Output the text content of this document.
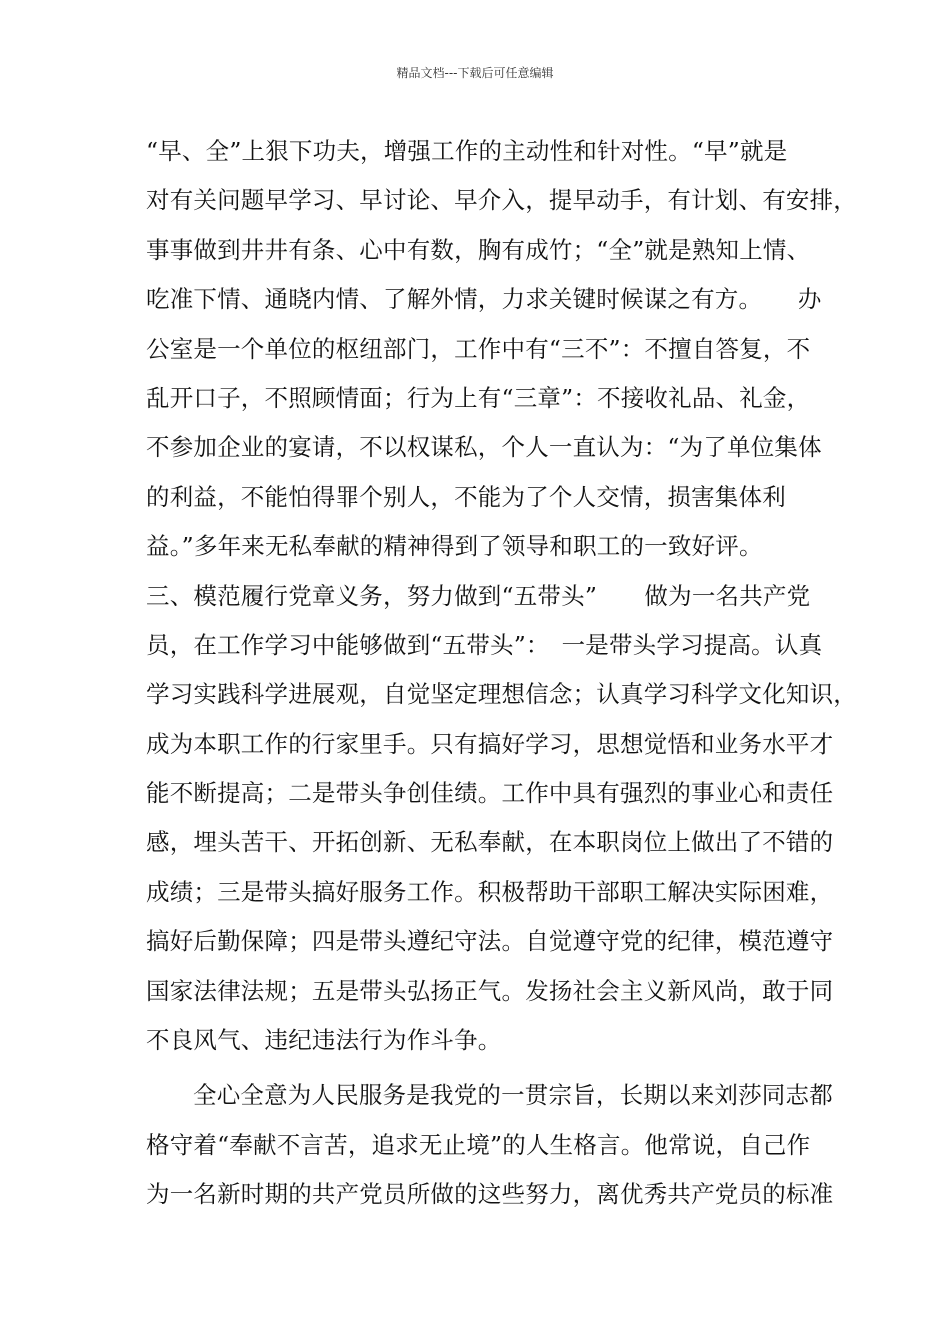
精品文档---下载后可任意编辑
“早、全”上狠下功夫，增强工作的主动性和针对性。“早”就是
对有关问题早学习、早讨论、早介入，提早动手，有计划、有安排，
事事做到井井有条、心中有数，胸有成竹；“全”就是熟知上情、
吃准下情、通晓内情、了解外情，力求关键时候谋之有方。　　办
公室是一个单位的枢纽部门，工作中有“三不”：不擅自答复，不
乱开口子，不照顾情面；行为上有“三章”：不接收礼品、礼金，
不参加企业的宴请，不以权谋私，个人一直认为：“为了单位集体
的利益，不能怕得罪个别人，不能为了个人交情，损害集体利
益。”多年来无私奉献的精神得到了领导和职工的一致好评。
三、模范履行党章义务，努力做到“五带头”　　做为一名共产党
员，在工作学习中能够做到“五带头”：　一是带头学习提高。认真
学习实践科学进展观，自觉坚定理想信念；认真学习科学文化知识，
成为本职工作的行家里手。只有搞好学习，思想觉悟和业务水平才
能不断提高；二是带头争创佳绩。工作中具有强烈的事业心和责任
感，埋头苦干、开拓创新、无私奉献，在本职岗位上做出了不错的
成绩；三是带头搞好服务工作。积极帮助干部职工解决实际困难，
搞好后勤保障；四是带头遵纪守法。自觉遵守党的纪律，模范遵守
国家法律法规；五是带头弘扬正气。发扬社会主义新风尚，敢于同
不良风气、违纪违法行为作斗争。
全心全意为人民服务是我党的一贯宗旨，长期以来刘莎同志都
格守着“奉献不言苦，追求无止境”的人生格言。他常说，自己作
为一名新时期的共产党员所做的这些努力，离优秀共产党员的标准
